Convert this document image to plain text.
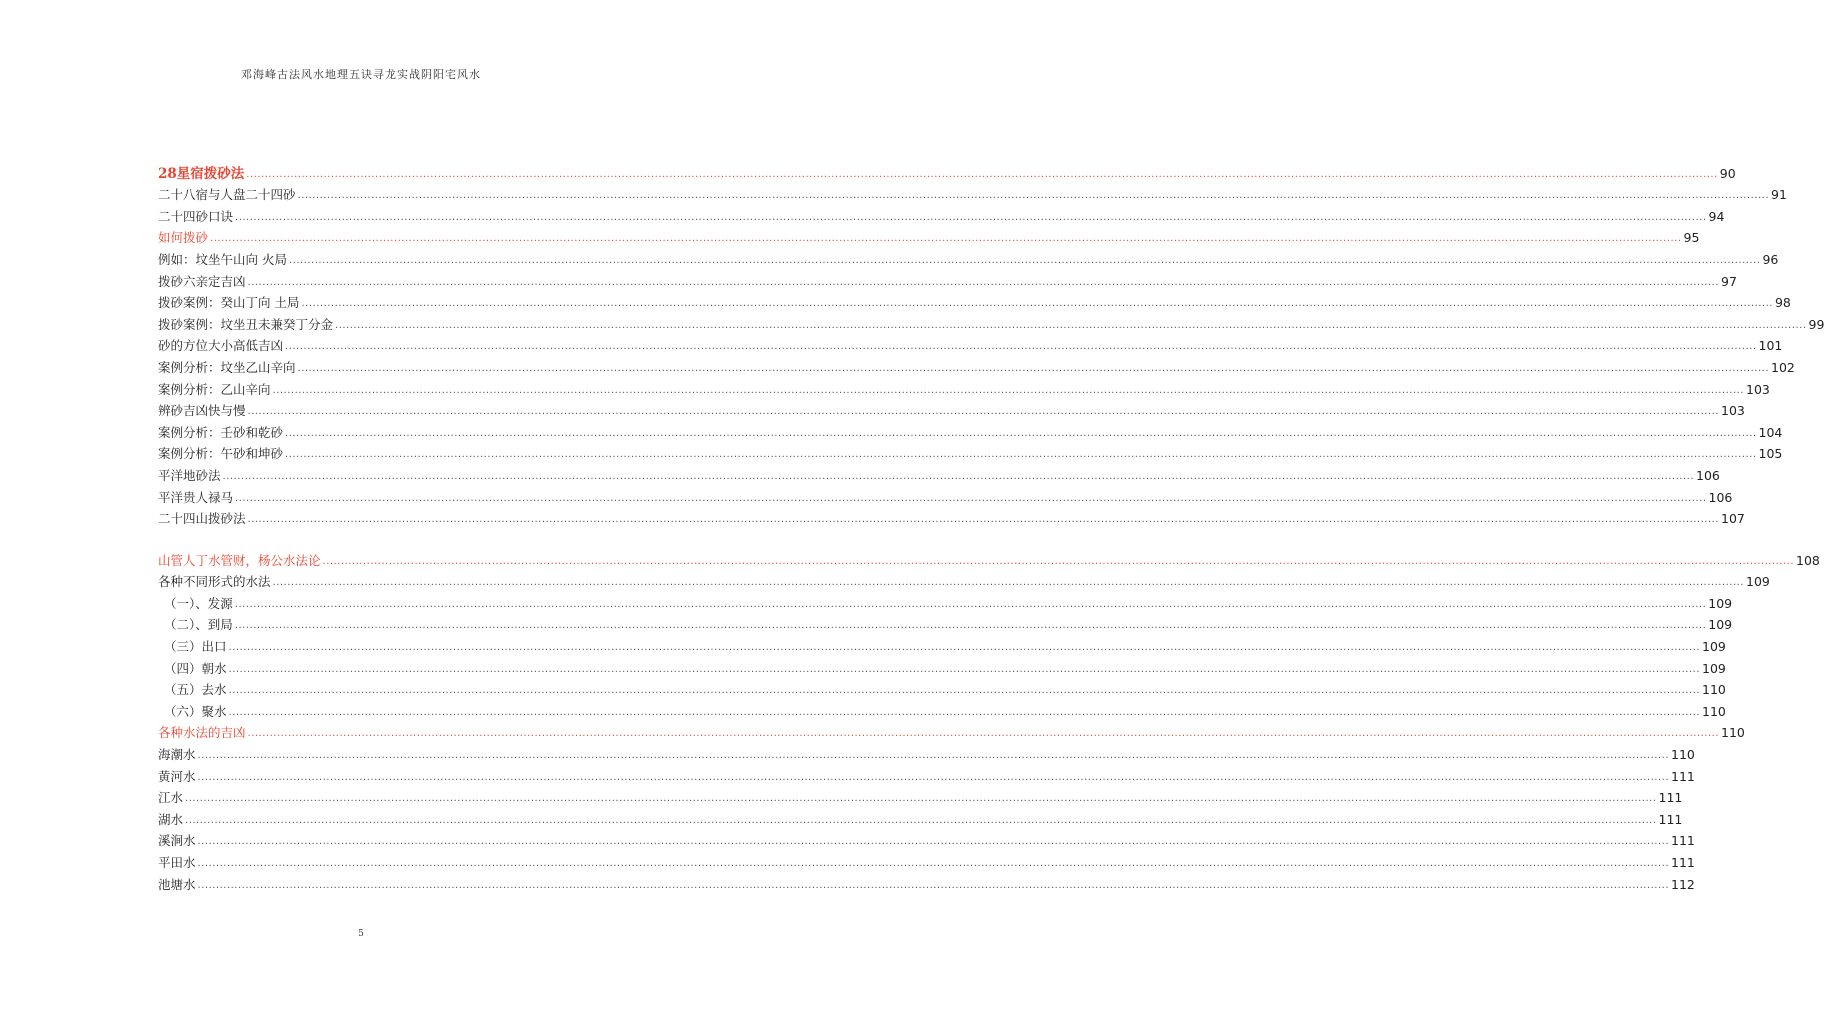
邓海峰古法风水地理五诀寻龙实战阴阳宅风水
28星宿拨砂法 ................................................................................................................................................................................................................................................................................................................................................................................................................ 90
二十八宿与人盘二十四砂 ................................................................................................................................................................................................................................................................................................................................................................................................................ 91
二十四砂口诀 ................................................................................................................................................................................................................................................................................................................................................................................................................ 94
如何拨砂 ................................................................................................................................................................................................................................................................................................................................................................................................................ 95
例如：坟坐午山向 火局 ................................................................................................................................................................................................................................................................................................................................................................................................................ 96
拨砂六亲定吉凶 ................................................................................................................................................................................................................................................................................................................................................................................................................ 97
拨砂案例：癸山丁向 土局 ................................................................................................................................................................................................................................................................................................................................................................................................................ 98
拨砂案例：坟坐丑未兼癸丁分金 ................................................................................................................................................................................................................................................................................................................................................................................................................ 99
砂的方位大小高低吉凶 ................................................................................................................................................................................................................................................................................................................................................................................................................ 101
案例分析：坟坐乙山辛向 ................................................................................................................................................................................................................................................................................................................................................................................................................ 102
案例分析：乙山辛向 ................................................................................................................................................................................................................................................................................................................................................................................................................ 103
辨砂吉凶快与慢 ................................................................................................................................................................................................................................................................................................................................................................................................................ 103
案例分析：壬砂和乾砂 ................................................................................................................................................................................................................................................................................................................................................................................................................ 104
案例分析：午砂和坤砂 ................................................................................................................................................................................................................................................................................................................................................................................................................ 105
平洋地砂法 ................................................................................................................................................................................................................................................................................................................................................................................................................ 106
平洋贵人禄马 ................................................................................................................................................................................................................................................................................................................................................................................................................ 106
二十四山拨砂法 ................................................................................................................................................................................................................................................................................................................................................................................................................ 107
山管人丁水管财，杨公水法论 ................................................................................................................................................................................................................................................................................................................................................................................................................ 108
各种不同形式的水法 ................................................................................................................................................................................................................................................................................................................................................................................................................ 109
（一）、发源 ................................................................................................................................................................................................................................................................................................................................................................................................................ 109
（二）、到局 ................................................................................................................................................................................................................................................................................................................................................................................................................ 109
（三）出口 ................................................................................................................................................................................................................................................................................................................................................................................................................ 109
（四）朝水 ................................................................................................................................................................................................................................................................................................................................................................................................................ 109
（五）去水 ................................................................................................................................................................................................................................................................................................................................................................................................................ 110
（六）聚水 ................................................................................................................................................................................................................................................................................................................................................................................................................ 110
各种水法的吉凶 ................................................................................................................................................................................................................................................................................................................................................................................................................ 110
海潮水 ................................................................................................................................................................................................................................................................................................................................................................................................................ 110
黄河水 ................................................................................................................................................................................................................................................................................................................................................................................................................ 111
江水 ................................................................................................................................................................................................................................................................................................................................................................................................................ 111
湖水 ................................................................................................................................................................................................................................................................................................................................................................................................................ 111
溪涧水 ................................................................................................................................................................................................................................................................................................................................................................................................................ 111
平田水 ................................................................................................................................................................................................................................................................................................................................................................................................................ 111
池塘水 ................................................................................................................................................................................................................................................................................................................................................................................................................ 112
5
